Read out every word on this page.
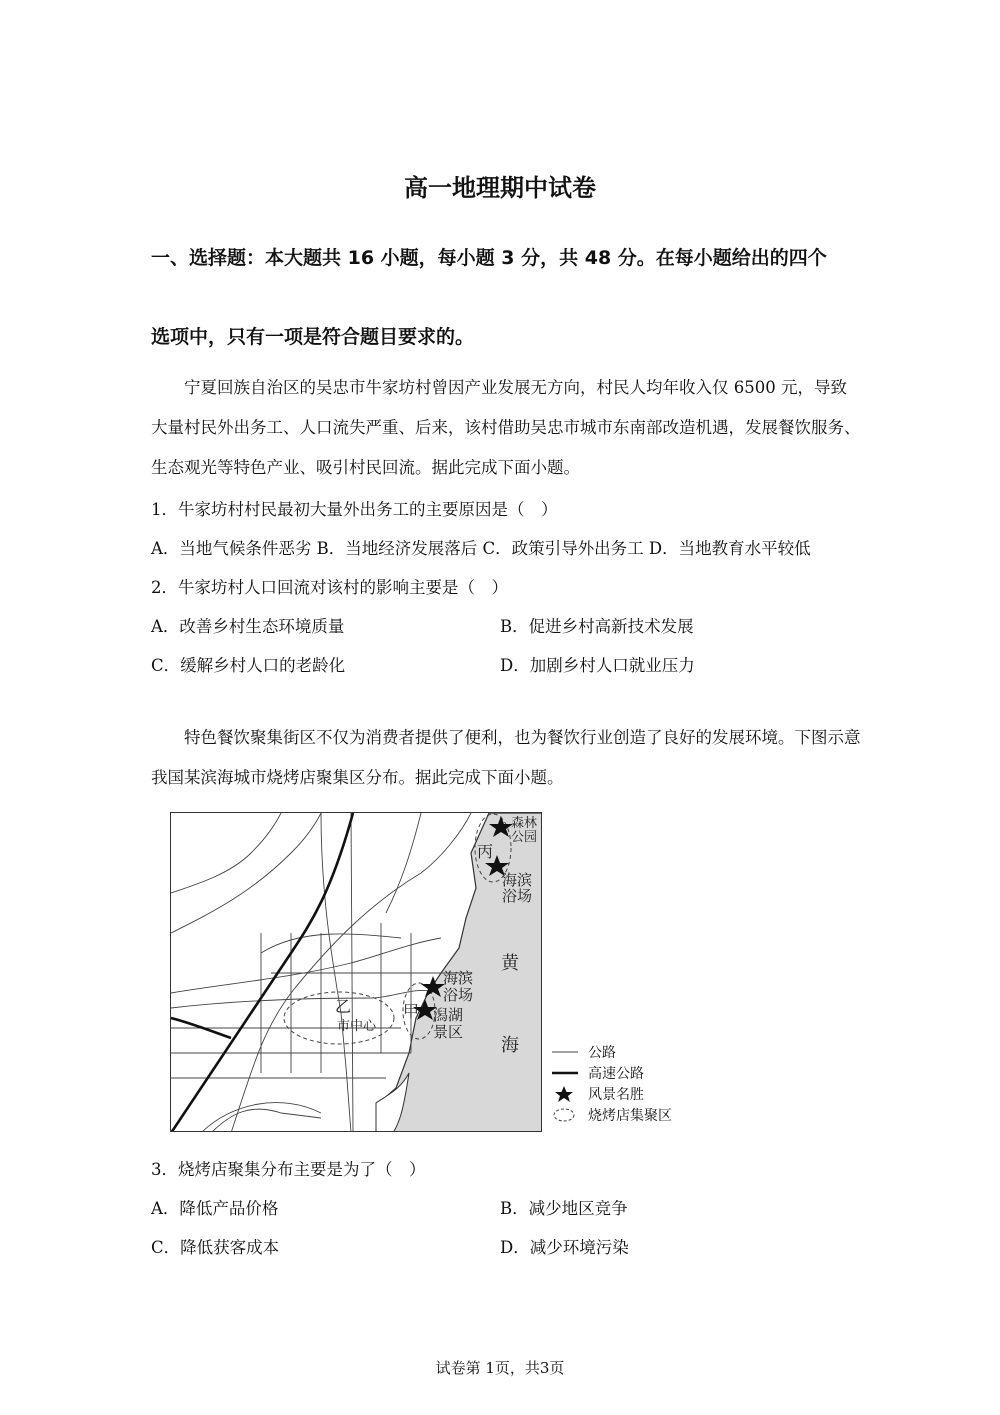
高一地理期中试卷
一、选择题：本大题共 16 小题，每小题 3 分，共 48 分。在每小题给出的四个
选项中，只有一项是符合题目要求的。
宁夏回族自治区的吴忠市牛家坊村曾因产业发展无方向，村民人均年收入仅 6500 元，导致大量村民外出务工、人口流失严重、后来，该村借助吴忠市城市东南部改造机遇，发展餐饮服务、生态观光等特色产业、吸引村民回流。据此完成下面小题。
1．牛家坊村村民最初大量外出务工的主要原因是（　）
A．当地气候条件恶劣 B．当地经济发展落后 C．政策引导外出务工 D．当地教育水平较低
2．牛家坊村人口回流对该村的影响主要是（　）
A．改善乡村生态环境质量	B．促进乡村高新技术发展
C．缓解乡村人口的老龄化	D．加剧乡村人口就业压力
特色餐饮聚集街区不仅为消费者提供了便利，也为餐饮行业创造了良好的发展环境。下图示意我国某滨海城市烧烤店聚集区分布。据此完成下面小题。
森林
公园
丙
海滨
浴场
黄
海
海滨
浴场
甲 潟湖
景区
乙
市中心
公路
高速公路
风景名胜
烧烤店集聚区
3．烧烤店聚集分布主要是为了（　）
A．降低产品价格	B．减少地区竞争
C．降低获客成本	D．减少环境污染
试卷第 1页，共3页
